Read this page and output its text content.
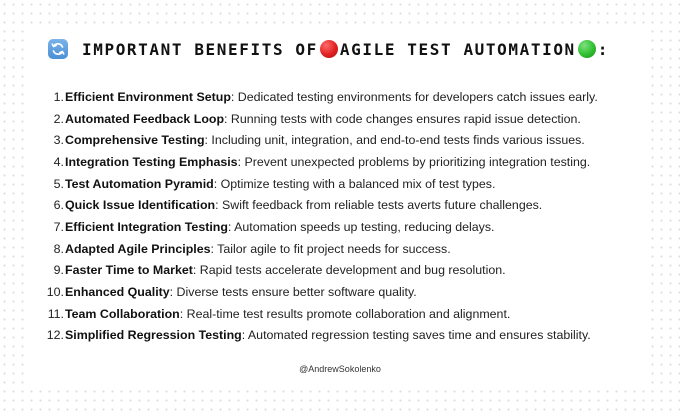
IMPORTANT BENEFITS OF AGILE TEST AUTOMATION :
1. Efficient Environment Setup : Dedicated testing environments for developers catch issues early.
2. Automated Feedback Loop : Running tests with code changes ensures rapid issue detection.
3. Comprehensive Testing : Including unit, integration, and end-to-end tests finds various issues.
4. Integration Testing Emphasis : Prevent unexpected problems by prioritizing integration testing.
5. Test Automation Pyramid : Optimize testing with a balanced mix of test types.
6. Quick Issue Identification : Swift feedback from reliable tests averts future challenges.
7. Efficient Integration Testing : Automation speeds up testing, reducing delays.
8. Adapted Agile Principles : Tailor agile to fit project needs for success.
9. Faster Time to Market : Rapid tests accelerate development and bug resolution.
10. Enhanced Quality : Diverse tests ensure better software quality.
11. Team Collaboration : Real-time test results promote collaboration and alignment.
12. Simplified Regression Testing : Automated regression testing saves time and ensures stability.
@AndrewSokolenko
